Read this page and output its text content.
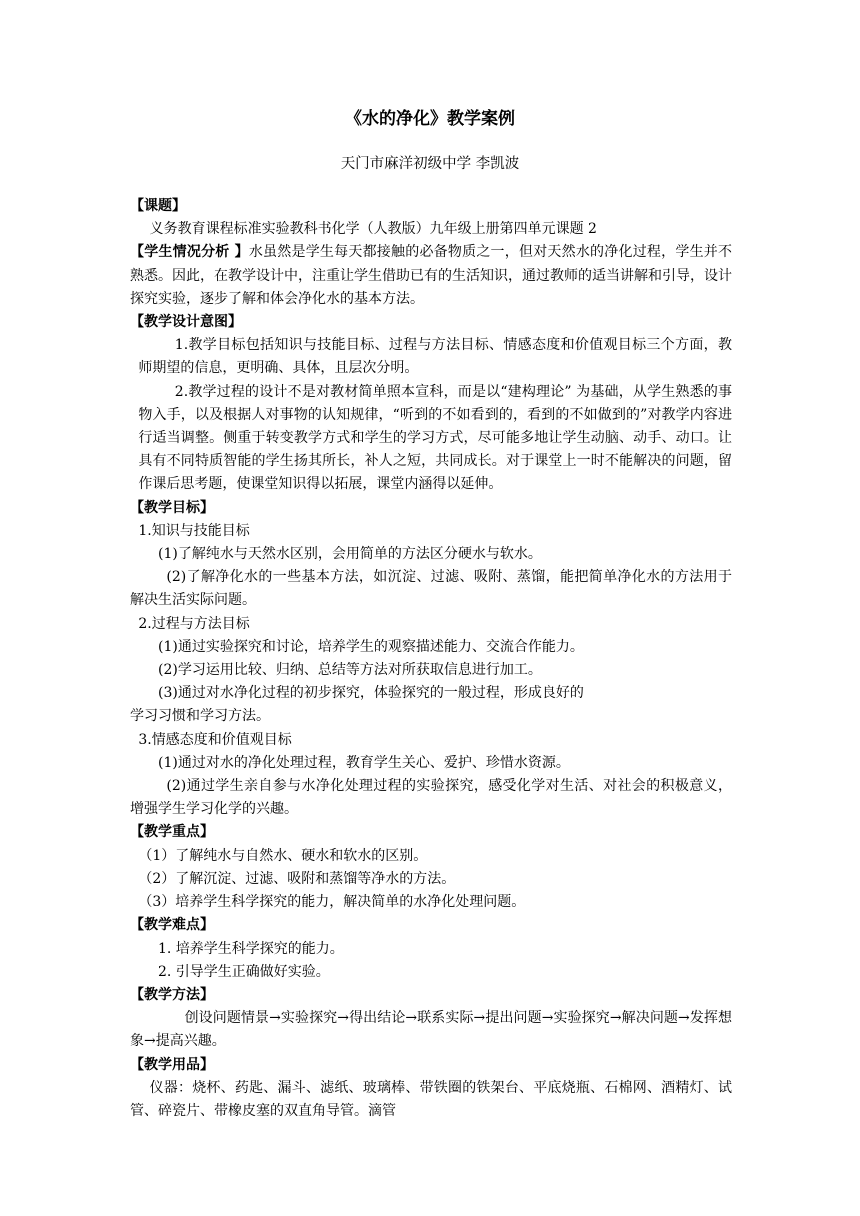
《水的净化》教学案例
天门市麻洋初级中学 李凯波
【课题】
义务教育课程标准实验教科书化学（人教版）九年级上册第四单元课题 2
【学生情况分析 】水虽然是学生每天都接触的必备物质之一，但对天然水的净化过程，学生并不熟悉。因此，在教学设计中，注重让学生借助已有的生活知识，通过教师的适当讲解和引导，设计探究实验，逐步了解和体会净化水的基本方法。
【教学设计意图】
1.教学目标包括知识与技能目标、过程与方法目标、情感态度和价值观目标三个方面，教师期望的信息，更明确、具体，且层次分明。
2.教学过程的设计不是对教材简单照本宣科，而是以“建构理论” 为基础，从学生熟悉的事物入手，以及根据人对事物的认知规律，“听到的不如看到的，看到的不如做到的”对教学内容进行适当调整。侧重于转变教学方式和学生的学习方式，尽可能多地让学生动脑、动手、动口。让具有不同特质智能的学生扬其所长，补人之短，共同成长。对于课堂上一时不能解决的问题，留作课后思考题，使课堂知识得以拓展，课堂内涵得以延伸。
【教学目标】
1.知识与技能目标
(1)了解纯水与天然水区别，会用简单的方法区分硬水与软水。
(2)了解净化水的一些基本方法，如沉淀、过滤、吸附、蒸馏，能把简单净化水的方法用于解决生活实际问题。
2.过程与方法目标
(1)通过实验探究和讨论，培养学生的观察描述能力、交流合作能力。
(2)学习运用比较、归纳、总结等方法对所获取信息进行加工。
(3)通过对水净化过程的初步探究，体验探究的一般过程，形成良好的
学习习惯和学习方法。
3.情感态度和价值观目标
(1)通过对水的净化处理过程，教育学生关心、爱护、珍惜水资源。
(2)通过学生亲自参与水净化处理过程的实验探究，感受化学对生活、对社会的积极意义，增强学生学习化学的兴趣。
【教学重点】
（1）了解纯水与自然水、硬水和软水的区别。
（2）了解沉淀、过滤、吸附和蒸馏等净水的方法。
（3）培养学生科学探究的能力，解决简单的水净化处理问题。
【教学难点】
1. 培养学生科学探究的能力。
2. 引导学生正确做好实验。
【教学方法】
创设问题情景→实验探究→得出结论→联系实际→提出问题→实验探究→解决问题→发挥想象→提高兴趣。
【教学用品】
仪器：烧杯、药匙、漏斗、滤纸、玻璃棒、带铁圈的铁架台、平底烧瓶、石棉网、酒精灯、试管、碎瓷片、带橡皮塞的双直角导管。滴管
